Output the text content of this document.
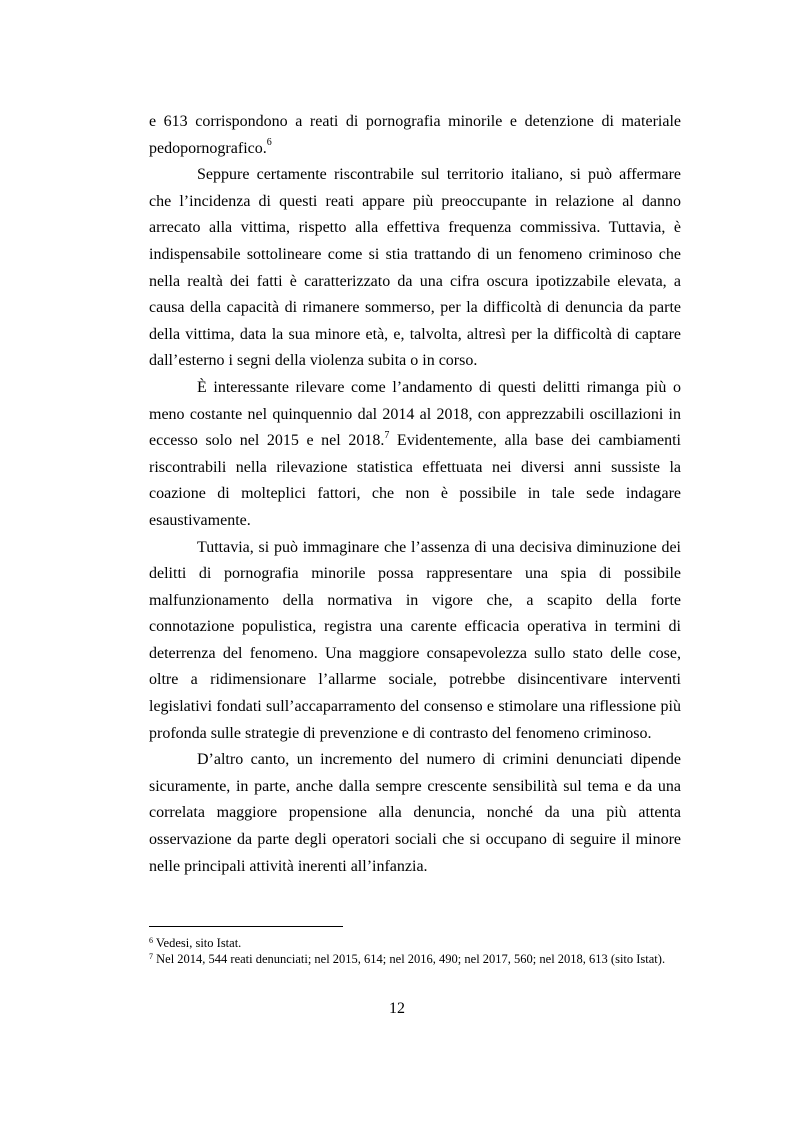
e 613 corrispondono a reati di pornografia minorile e detenzione di materiale pedopornografico.$^6$

Seppure certamente riscontrabile sul territorio italiano, si può affermare che l’incidenza di questi reati appare più preoccupante in relazione al danno arrecato alla vittima, rispetto alla effettiva frequenza commissiva. Tuttavia, è indispensabile sottolineare come si stia trattando di un fenomeno criminoso che nella realtà dei fatti è caratterizzato da una cifra oscura ipotizzabile elevata, a causa della capacità di rimanere sommerso, per la difficoltà di denuncia da parte della vittima, data la sua minore età, e, talvolta, altresì per la difficoltà di captare dall’esterno i segni della violenza subita o in corso.

È interessante rilevare come l’andamento di questi delitti rimanga più o meno costante nel quinquennio dal 2014 al 2018, con apprezzabili oscillazioni in eccesso solo nel 2015 e nel 2018.$^7$ Evidentemente, alla base dei cambiamenti riscontrabili nella rilevazione statistica effettuata nei diversi anni sussiste la coazione di molteplici fattori, che non è possibile in tale sede indagare esaustivamente.

Tuttavia, si può immaginare che l’assenza di una decisiva diminuzione dei delitti di pornografia minorile possa rappresentare una spia di possibile malfunzionamento della normativa in vigore che, a scapito della forte connotazione populistica, registra una carente efficacia operativa in termini di deterrenza del fenomeno. Una maggiore consapevolezza sullo stato delle cose, oltre a ridimensionare l’allarme sociale, potrebbe disincentivare interventi legislativi fondati sull’accaparramento del consenso e stimolare una riflessione più profonda sulle strategie di prevenzione e di contrasto del fenomeno criminoso.

D’altro canto, un incremento del numero di crimini denunciati dipende sicuramente, in parte, anche dalla sempre crescente sensibilità sul tema e da una correlata maggiore propensione alla denuncia, nonché da una più attenta osservazione da parte degli operatori sociali che si occupano di seguire il minore nelle principali attività inerenti all’infanzia.

$^6$ Vedesi, sito Istat.

$^7$ Nel 2014, 544 reati denunciati; nel 2015, 614; nel 2016, 490; nel 2017, 560; nel 2018, 613 (sito Istat).

12
